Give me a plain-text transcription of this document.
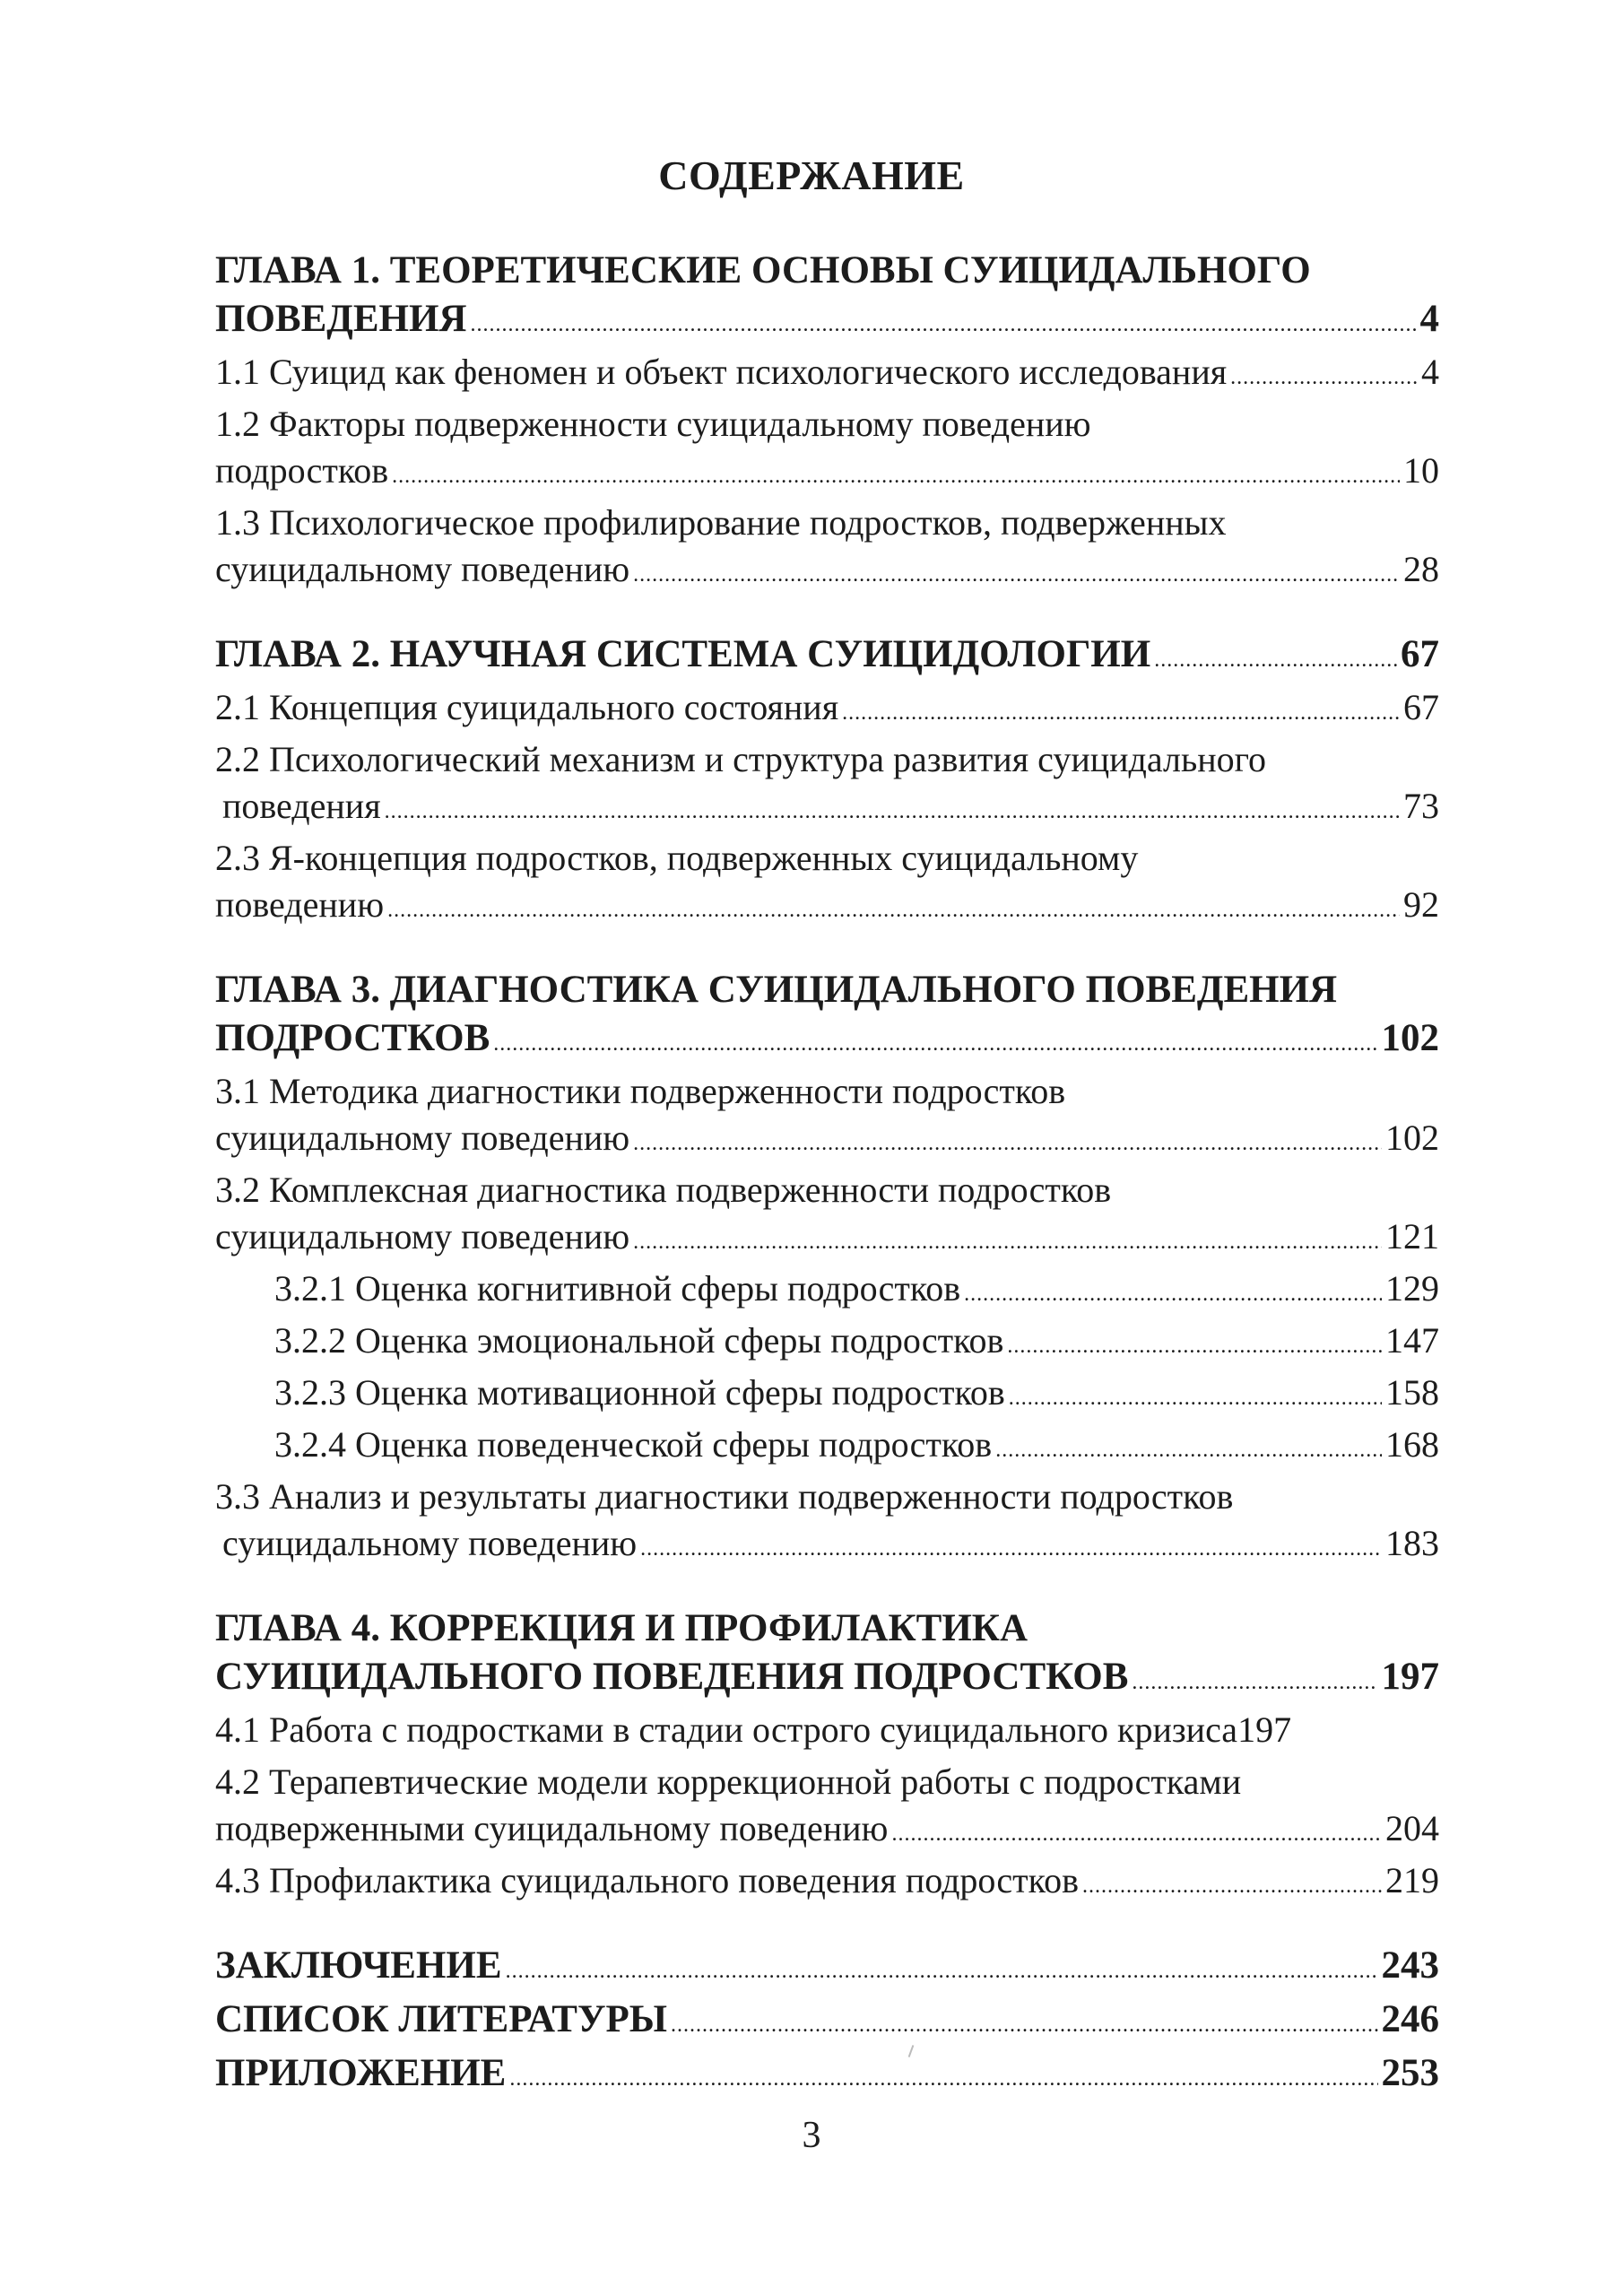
СОДЕРЖАНИЕ
ГЛАВА 1. ТЕОРЕТИЧЕСКИЕ ОСНОВЫ СУИЦИДАЛЬНОГО
ПОВЕДЕНИЯ .....	4
1.1 Суицид как феномен и объект психологического исследования .....	4
1.2 Факторы подверженности суицидальному поведению
подростков .....	10
1.3 Психологическое профилирование подростков, подверженных
суицидальному поведению .....	28
ГЛАВА 2. НАУЧНАЯ СИСТЕМА СУИЦИДОЛОГИИ .....	67
2.1 Концепция суицидального состояния .....	67
2.2 Психологический механизм и структура развития суицидального
поведения .....	73
2.3 Я-концепция подростков, подверженных суицидальному
поведению .....	92
ГЛАВА 3. ДИАГНОСТИКА СУИЦИДАЛЬНОГО ПОВЕДЕНИЯ
ПОДРОСТКОВ .....	102
3.1 Методика диагностики подверженности подростков
суицидальному поведению .....	102
3.2 Комплексная диагностика подверженности подростков
суицидальному поведению .....	121
3.2.1 Оценка когнитивной сферы подростков .....	129
3.2.2 Оценка эмоциональной сферы подростков .....	147
3.2.3 Оценка мотивационной сферы подростков .....	158
3.2.4 Оценка поведенческой сферы подростков .....	168
3.3 Анализ и результаты диагностики подверженности подростков
суицидальному поведению .....	183
ГЛАВА 4. КОРРЕКЦИЯ И ПРОФИЛАКТИКА
СУИЦИДАЛЬНОГО ПОВЕДЕНИЯ ПОДРОСТКОВ .....	197
4.1 Работа с подростками в стадии острого суицидального кризиса 197
4.2 Терапевтические модели коррекционной работы с подростками
подверженными суицидальному поведению .....	204
4.3 Профилактика суицидального поведения подростков .....	219
ЗАКЛЮЧЕНИЕ .....	243
СПИСОК ЛИТЕРАТУРЫ .....	246
ПРИЛОЖЕНИЕ .....	253
3
